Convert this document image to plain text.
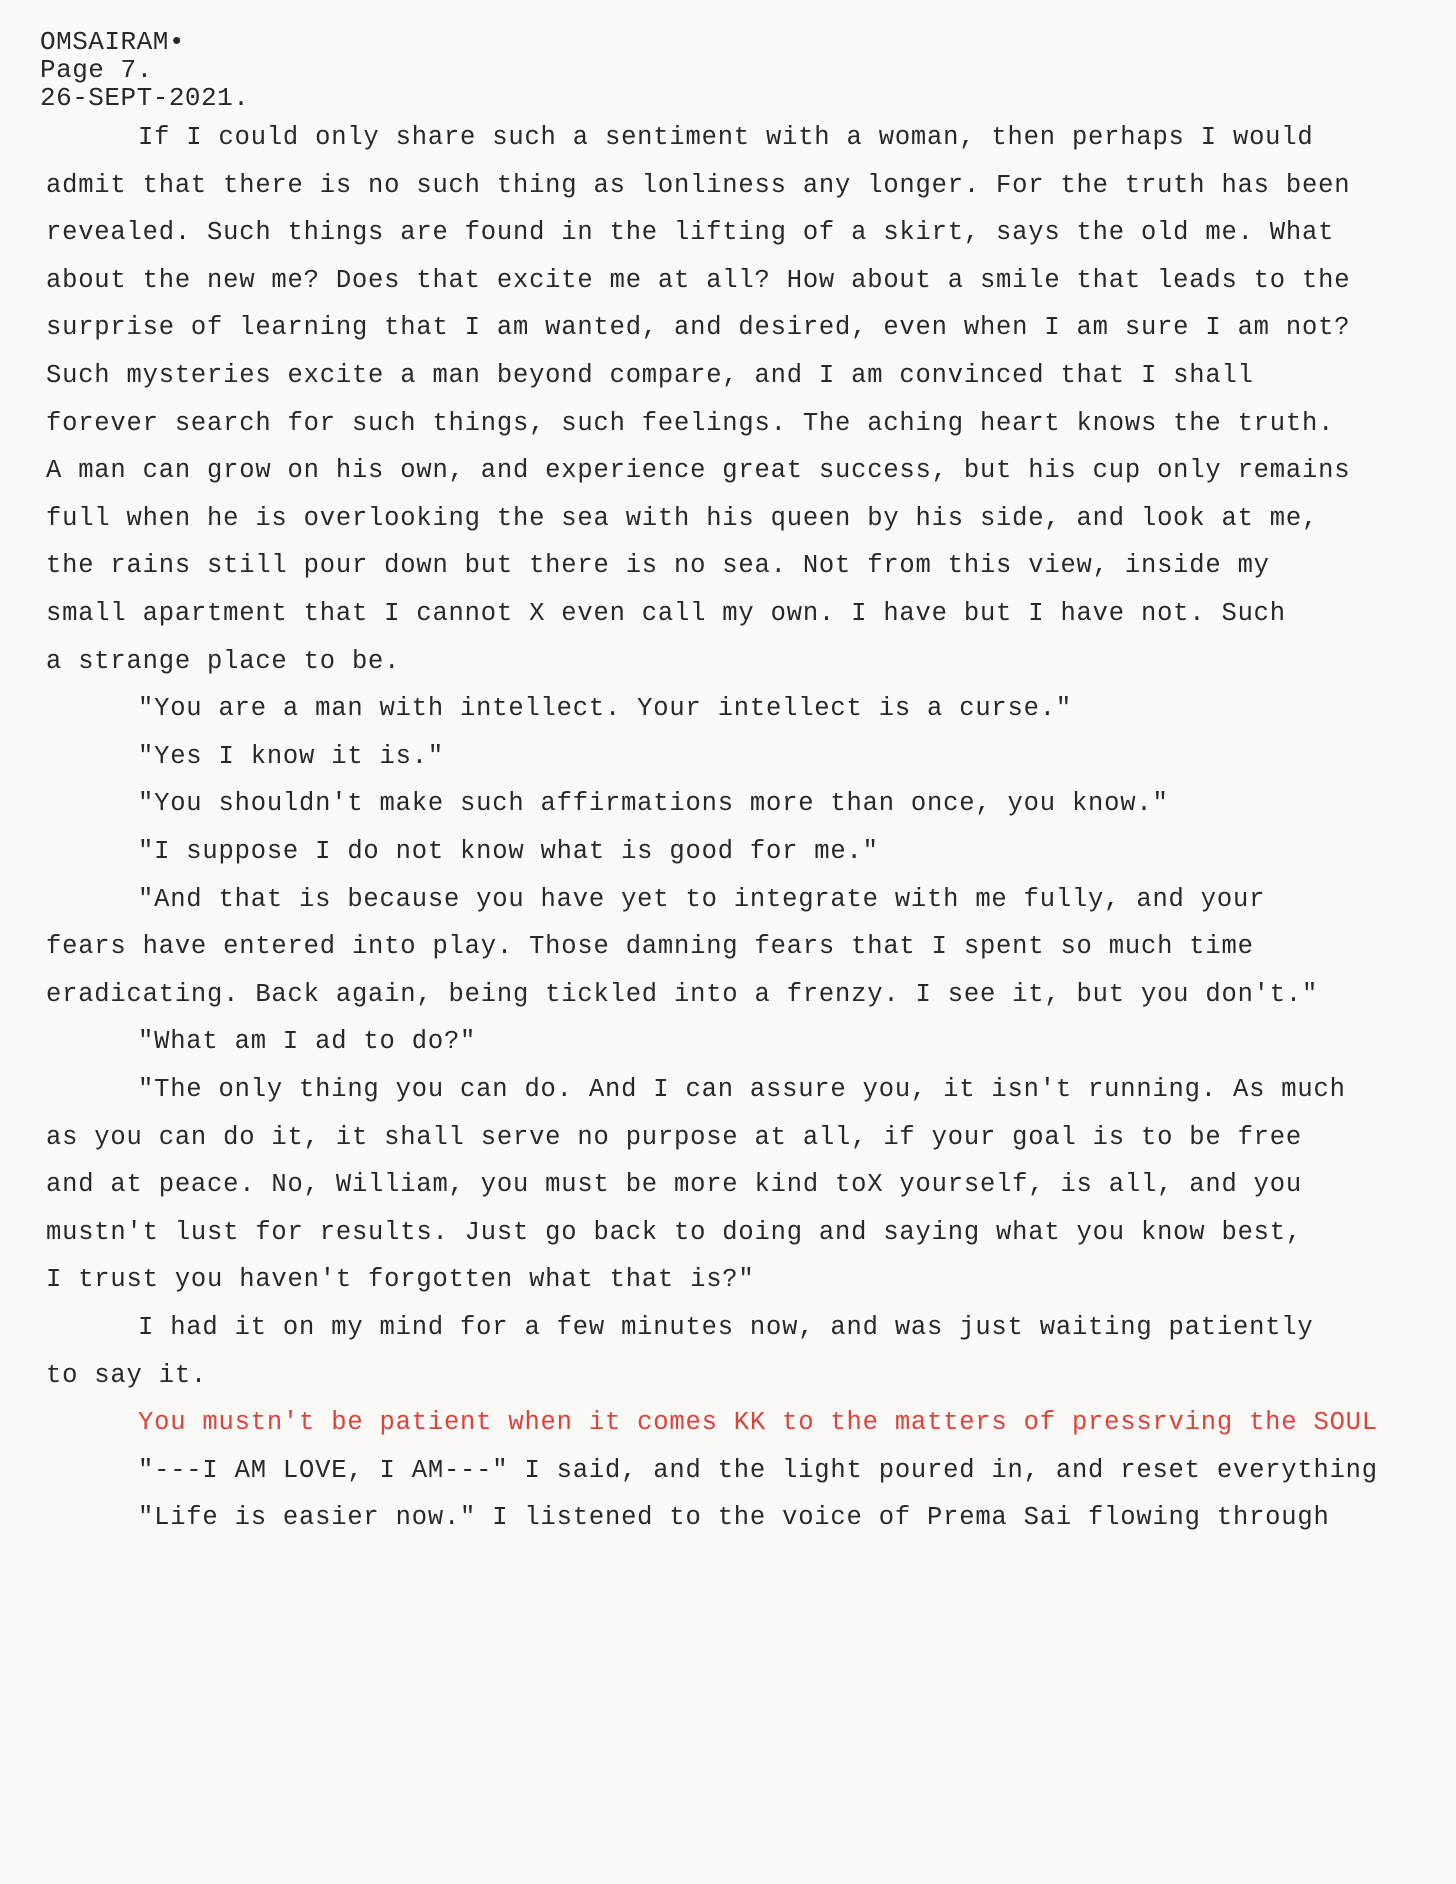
OMSAIRAM•
Page 7.
26-SEPT-2021.
If I could only share such a sentiment with a woman, then perhaps I would
admit that there is no such thing as lonliness any longer. For the truth has been
revealed. Such things are found in the lifting of a skirt, says the old me. What
about the new me? Does that excite me at all? How about a smile that leads to the
surprise of learning that I am wanted, and desired, even when I am sure I am not?
Such mysteries excite a man beyond compare, and I am convinced that I shall
forever search for such things, such feelings. The aching heart knows the truth.
A man can grow on his own, and experience great success, but his cup only remains
full when he is overlooking the sea with his queen by his side, and look at me,
the rains still pour down but there is no sea. Not from this view, inside my
small apartment that I cannot X even call my own. I have but I have not. Such
a strange place to be.
"You are a man with intellect. Your intellect is a curse."
"Yes I know it is."
"You shouldn't make such affirmations more than once, you know."
"I suppose I do not know what is good for me."
"And that is because you have yet to integrate with me fully, and your
fears have entered into play. Those damning fears that I spent so much time
eradicating. Back again, being tickled into a frenzy. I see it, but you don't."
"What am I ad to do?"
"The only thing you can do. And I can assure you, it isn't running. As much
as you can do it, it shall serve no purpose at all, if your goal is to be free
and at peace. No, William, you must be more kind toX yourself, is all, and you
mustn't lust for results. Just go back to doing and saying what you know best,
I trust you haven't forgotten what that is?"
I had it on my mind for a few minutes now, and was just waiting patiently
to say it.
You mustn't be patient when it comes KK to the matters of pressrving the SOUL
"---I AM LOVE, I AM---" I said, and the light poured in, and reset everything
"Life is easier now." I listened to the voice of Prema Sai flowing through
